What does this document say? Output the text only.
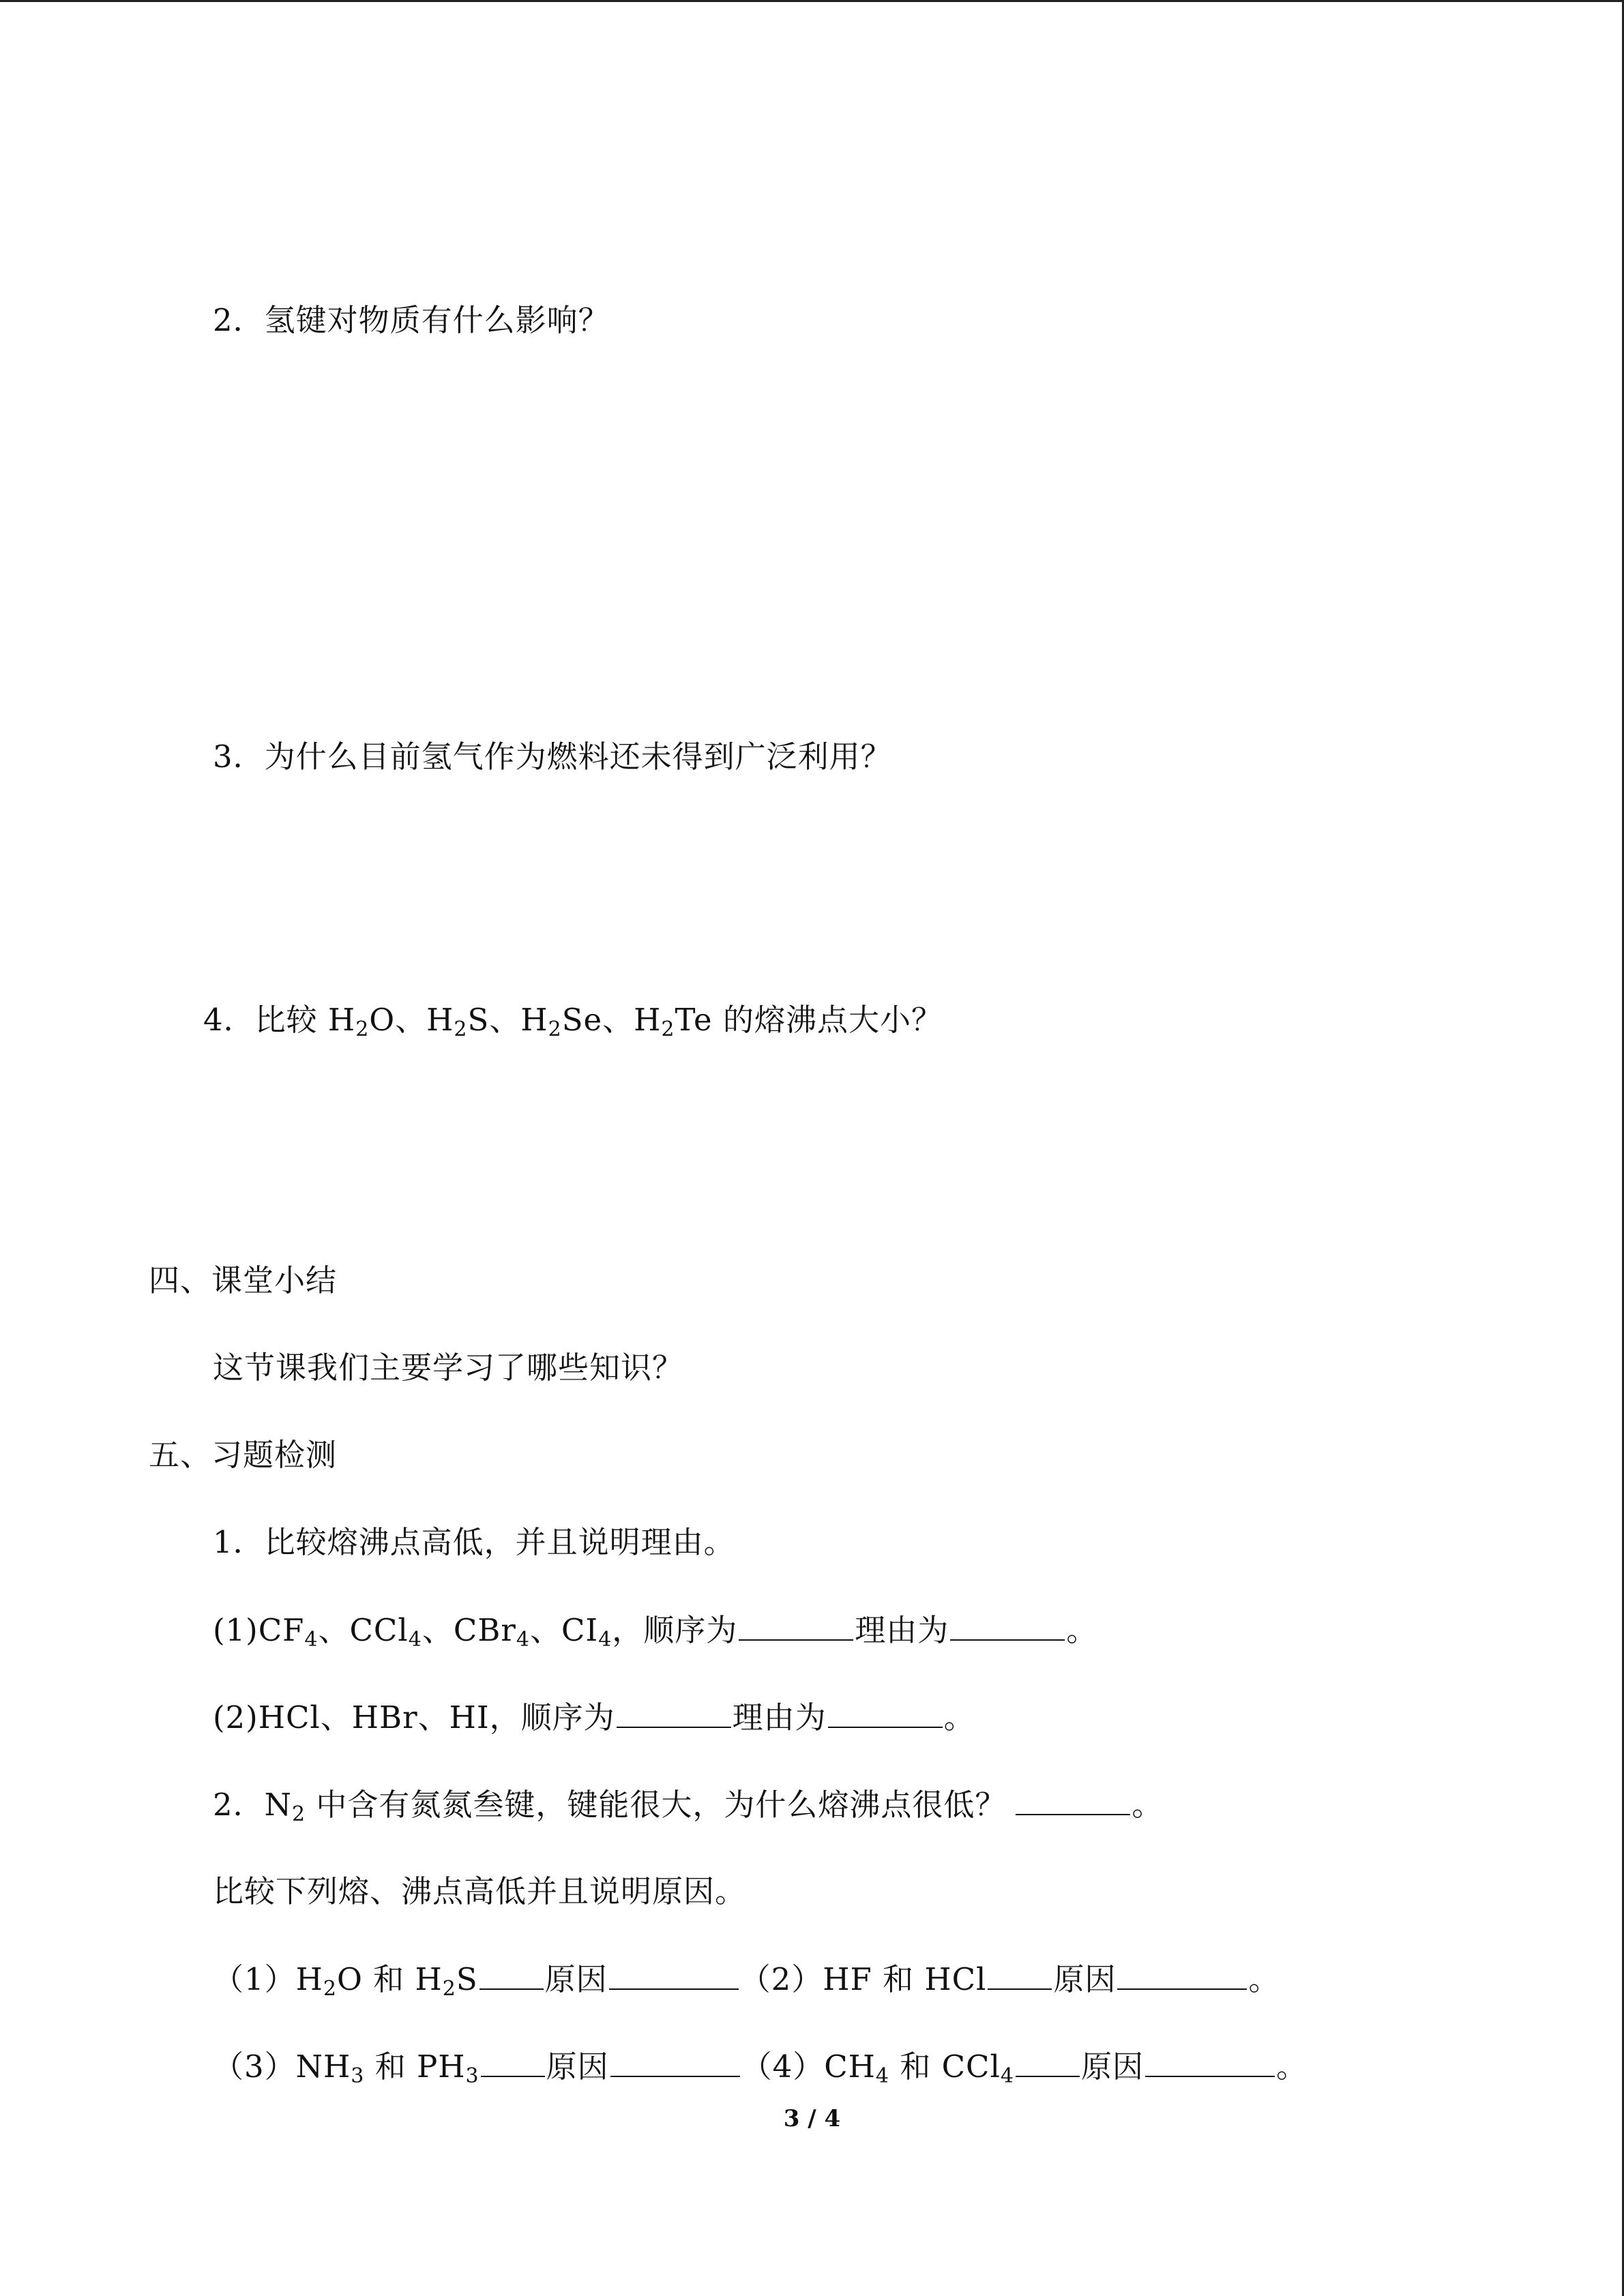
2．氢键对物质有什么影响？
3．为什么目前氢气作为燃料还未得到广泛利用？
4．比较 $H_2O$、$H_2S$、$H_2Se$、$H_2Te$ 的熔沸点大小？
四、课堂小结
这节课我们主要学习了哪些知识？
五、习题检测
1．比较熔沸点高低，并且说明理由。
$(1)CF_4$、CCl$_4$、CBr$_4$、$CI_4$，顺序为	理由为	。
(2)HCl、HBr、HI，顺序为	理由为	。
2．$N_2$ 中含有氮氮叁键，键能很大，为什么熔沸点很低？	。
比较下列熔、沸点高低并且说明原因。
$(1)H_2O$ 和 $H_2S$ 原因	（2）HF 和 HCl 原因	。
$(3)NH_3$ 和 $PH_3$ 原因	$(4)CH_4$ 和 CCl$_4$ 原因	。
3 / 4
